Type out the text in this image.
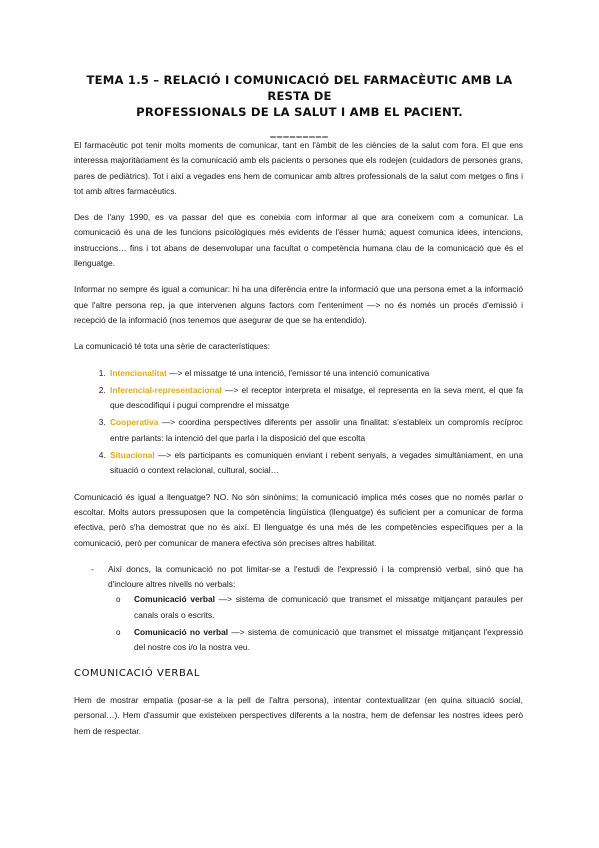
TEMA 1.5 – RELACIÓ I COMUNICACIÓ DEL FARMACÈUTIC AMB LA RESTA DE
PROFESSIONALS DE LA SALUT I AMB EL PACIENT.
_________

El farmacèutic pot tenir molts moments de comunicar, tant en l'àmbit de les ciències de la salut com fora. El que ens interessa majoritàriament és la comunicació amb els pacients o persones que els rodejen (cuidadors de persones grans, pares de pediàtrics). Tot i així a vegades ens hem de comunicar amb altres professionals de la salut com metges o fins i tot amb altres farmacèutics.

Des de l'any 1990, es va passar del que es coneixia com informar al que ara coneixem com a comunicar. La comunicació és una de les funcions psicològiques més evidents de l'ésser humà; aquest comunica idees, intencions, instruccions… fins i tot abans de desenvolupar una facultat o competència humana clau de la comunicació que és el llenguatge.

Informar no sempre és igual a comunicar: hi ha una diferència entre la informació que una persona emet a la informació que l'altre persona rep, ja que intervenen alguns factors com l'enteniment —> no és només un procés d'emissió i recepció de la informació (nos tenemos que asegurar de que se ha entendido).

La comunicació té tota una sèrie de característiques:

1. Intencionalitat —> el missatge té una intenció, l'emissor té una intenció comunicativa
2. Inferencial-representacional —> el receptor interpreta el misatge, el representa en la seva ment, el que fa que descodifiqui i pugui comprendre el missatge
3. Cooperativa —> coordina perspectives diferents per assolir una finalitat: s'estableix un compromís recíproc entre parlants: la intenció del que parla i la disposició del que escolta
4. Situacional —> els participants es comuniquen enviant i rebent senyals, a vegades simultàniament, en una situació o context relacional, cultural, social…

Comunicació és igual a llenguatge? NO. No són sinònims; la comunicació implica més coses que no només parlar o escoltar. Molts autors pressuposen que la competència lingüística (llenguatge) és suficient per a comunicar de forma efectiva, però s'ha demostrat que no és així. El llenguatge és una més de les competències específiques per a la comunicació, però per comunicar de manera efectiva són precises altres habilitat.

- Així doncs, la comunicació no pot limitar-se a l'estudi de l'expressió i la comprensió verbal, sinó que ha d'incloure altres nivells no verbals:
o Comunicació verbal —> sistema de comunicació que transmet el missatge mitjançant paraules per canals orals o escrits.
o Comunicació no verbal —> sistema de comunicació que transmet el missatge mitjançant l'expressió del nostre cos i/o la nostra veu.
COMUNICACIÓ VERBAL

Hem de mostrar empatia (posar-se a la pell de l'altra persona), intentar contextualitzar (en quina situació social, personal…). Hem d'assumir que existeixen perspectives diferents a la nostra, hem de defensar les nostres idees però hem de respectar.
